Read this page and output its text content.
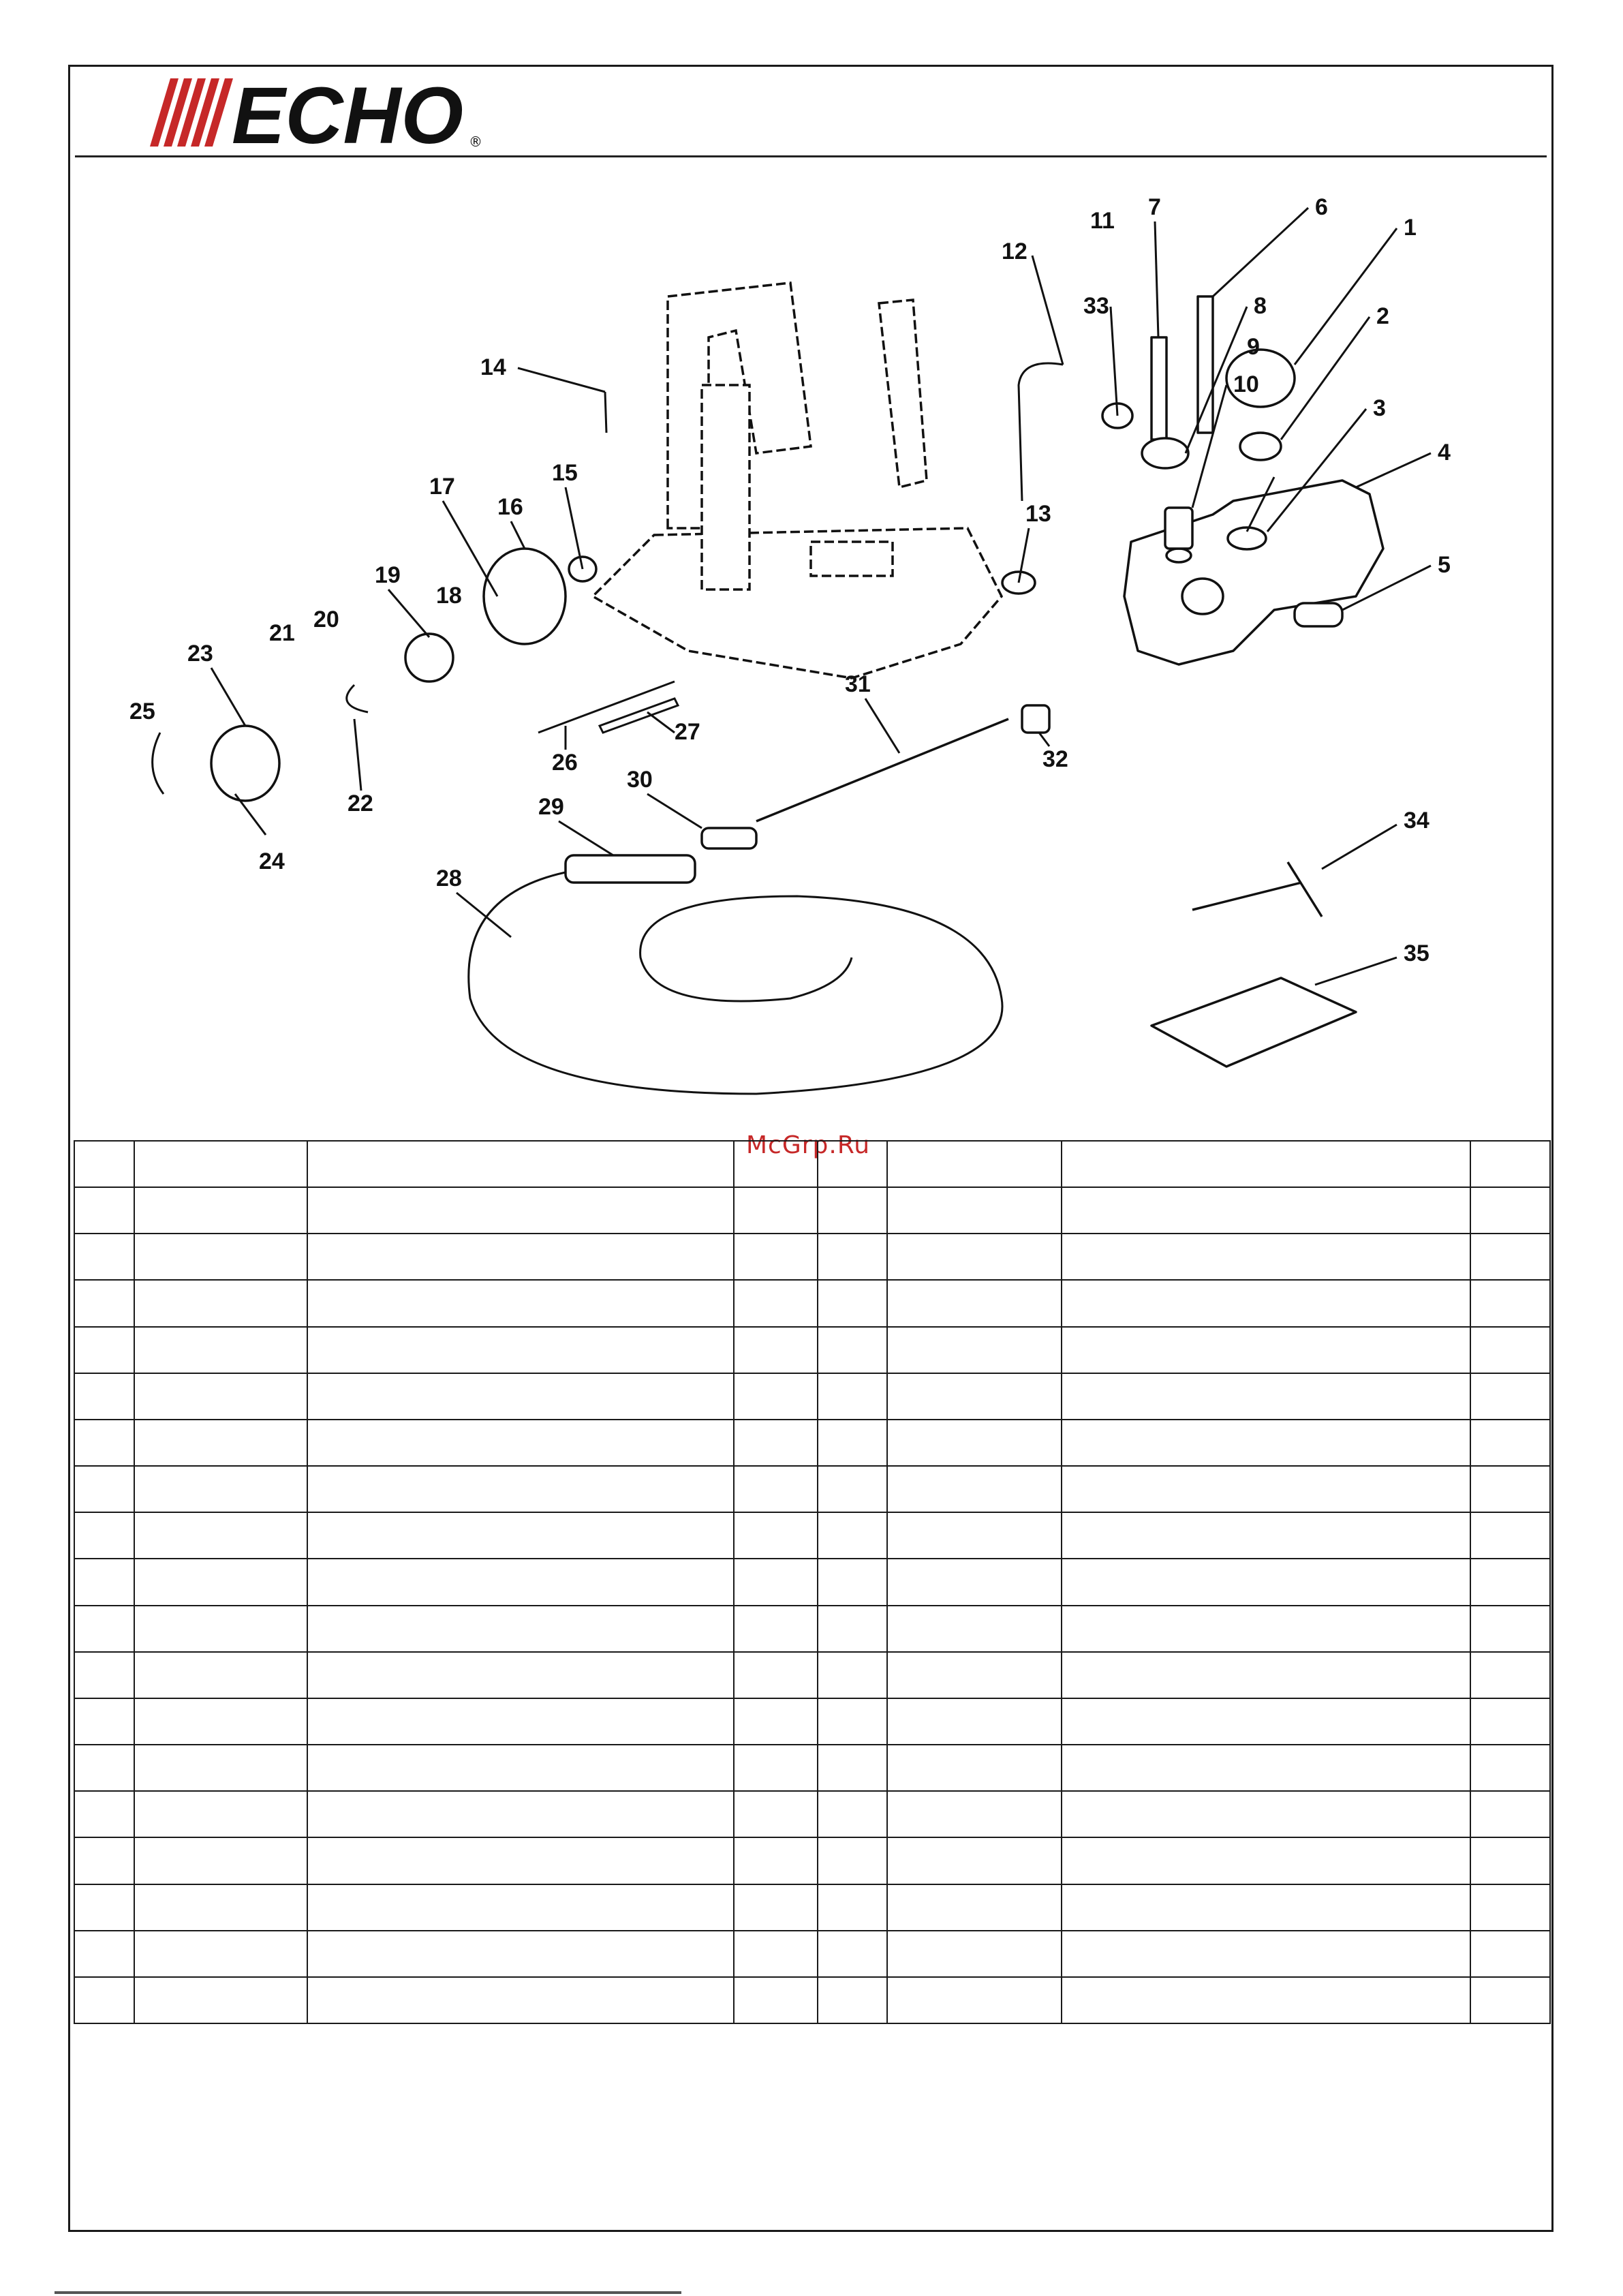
ECHO ®
1
2
3
4
5
6
7
8
9
10
11
12
33
13
14
15
16
17
18
19
20
21
22
23
24
25
26
27
28
29
30
31
32
34
35
McGrp.Ru
